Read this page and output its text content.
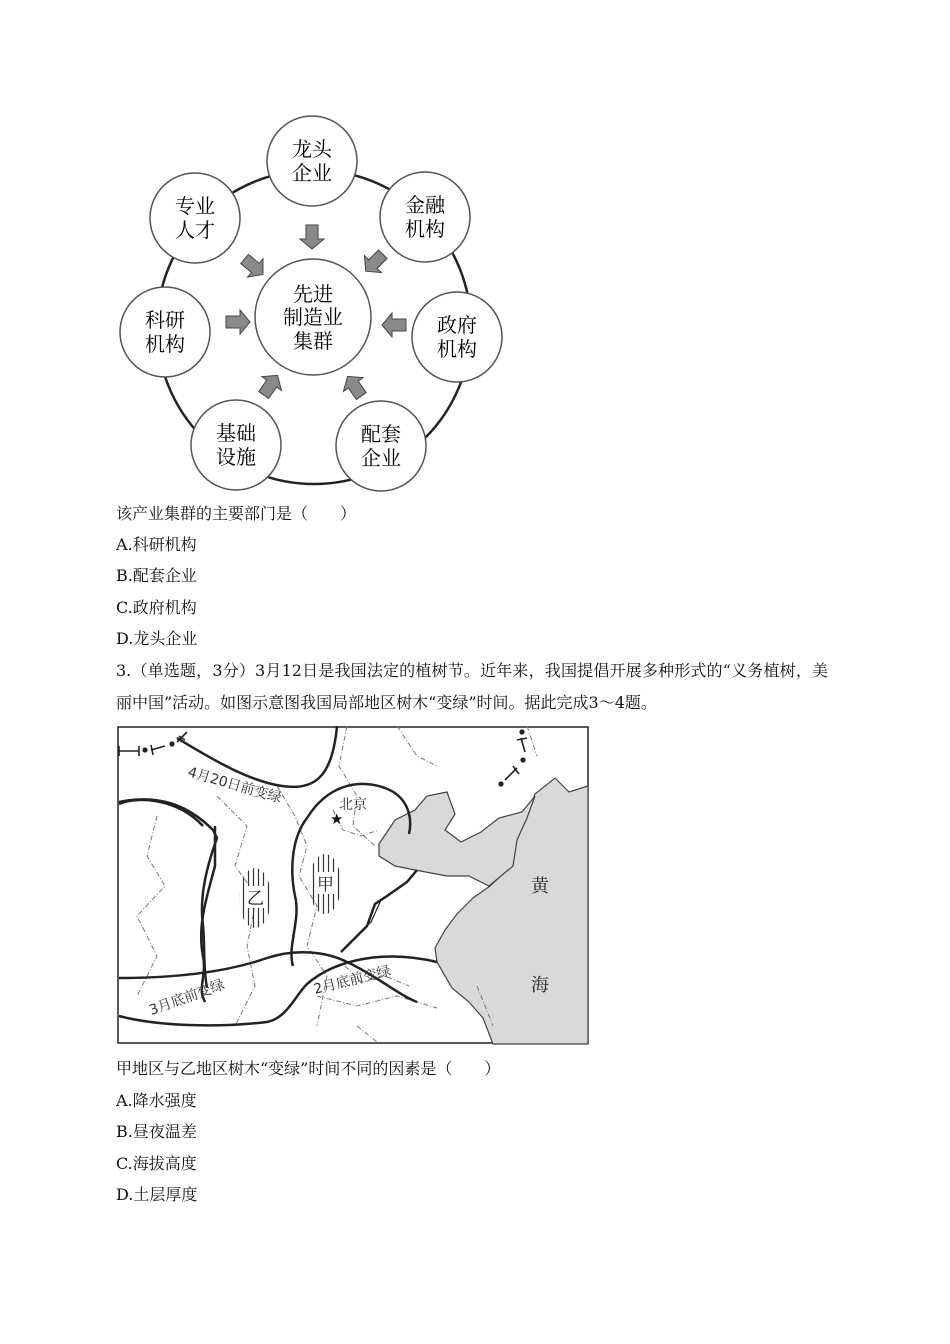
先进
制造业
集群
龙头
企业
金融
机构
政府
机构
配套
企业
基础
设施
科研
机构
专业
人才
该产业集群的主要部门是（　　）
A.科研机构
B.配套企业
C.政府机构
D.龙头企业
3.（单选题，3分）3月12日是我国法定的植树节。近年来，我国提倡开展多种形式的“义务植树，美丽中国”活动。如图示意图我国局部地区树木“变绿”时间。据此完成3～4题。
4月20日前变绿	北京
★
甲
乙
3月底前变绿	2月底前变绿
黄
海
甲地区与乙地区树木“变绿”时间不同的因素是（　　）
A.降水强度
B.昼夜温差
C.海拔高度
D.土层厚度
